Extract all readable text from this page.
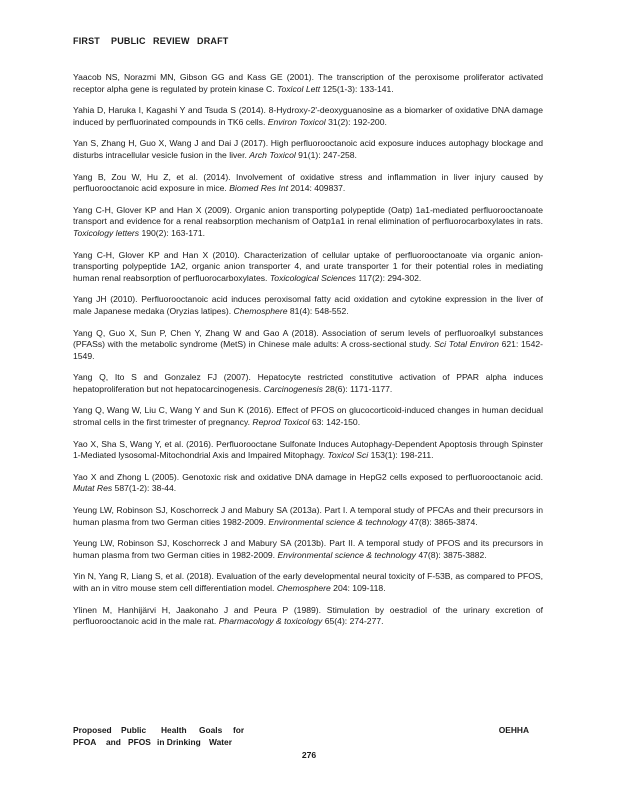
FIRST	PUBLIC REVIEW DRAFT

Yaacob NS, Norazmi MN, Gibson GG and Kass GE (2001). The transcription of the peroxisome proliferator activated receptor alpha gene is regulated by protein kinase C. Toxicol Lett 125(1-3): 133-141.

Yahia D, Haruka I, Kagashi Y and Tsuda S (2014). 8-Hydroxy-2'-deoxyguanosine as a biomarker of oxidative DNA damage induced by perfluorinated compounds in TK6 cells. Environ Toxicol 31(2): 192-200.

Yan S, Zhang H, Guo X, Wang J and Dai J (2017). High perfluorooctanoic acid exposure induces autophagy blockage and disturbs intracellular vesicle fusion in the liver. Arch Toxicol 91(1): 247-258.

Yang B, Zou W, Hu Z, et al. (2014). Involvement of oxidative stress and inflammation in liver injury caused by perfluorooctanoic acid exposure in mice. Biomed Res Int 2014: 409837.

Yang C-H, Glover KP and Han X (2009). Organic anion transporting polypeptide (Oatp) 1a1-mediated perfluorooctanoate transport and evidence for a renal reabsorption mechanism of Oatp1a1 in renal elimination of perfluorocarboxylates in rats. Toxicology letters 190(2): 163-171.

Yang C-H, Glover KP and Han X (2010). Characterization of cellular uptake of perfluorooctanoate via organic anion-transporting polypeptide 1A2, organic anion transporter 4, and urate transporter 1 for their potential roles in mediating human renal reabsorption of perfluorocarboxylates. Toxicological Sciences 117(2): 294-302.

Yang JH (2010). Perfluorooctanoic acid induces peroxisomal fatty acid oxidation and cytokine expression in the liver of male Japanese medaka (Oryzias latipes). Chemosphere 81(4): 548-552.

Yang Q, Guo X, Sun P, Chen Y, Zhang W and Gao A (2018). Association of serum levels of perfluoroalkyl substances (PFASs) with the metabolic syndrome (MetS) in Chinese male adults: A cross-sectional study. Sci Total Environ 621: 1542-1549.

Yang Q, Ito S and Gonzalez FJ (2007). Hepatocyte restricted constitutive activation of PPAR alpha induces hepatoproliferation but not hepatocarcinogenesis. Carcinogenesis 28(6): 1171-1177.

Yang Q, Wang W, Liu C, Wang Y and Sun K (2016). Effect of PFOS on glucocorticoid-induced changes in human decidual stromal cells in the first trimester of pregnancy. Reprod Toxicol 63: 142-150.

Yao X, Sha S, Wang Y, et al. (2016). Perfluorooctane Sulfonate Induces Autophagy-Dependent Apoptosis through Spinster 1-Mediated lysosomal-Mitochondrial Axis and Impaired Mitophagy. Toxicol Sci 153(1): 198-211.

Yao X and Zhong L (2005). Genotoxic risk and oxidative DNA damage in HepG2 cells exposed to perfluorooctanoic acid. Mutat Res 587(1-2): 38-44.

Yeung LW, Robinson SJ, Koschorreck J and Mabury SA (2013a). Part I. A temporal study of PFCAs and their precursors in human plasma from two German cities 1982-2009. Environmental science & technology 47(8): 3865-3874.

Yeung LW, Robinson SJ, Koschorreck J and Mabury SA (2013b). Part II. A temporal study of PFOS and its precursors in human plasma from two German cities in 1982-2009. Environmental science & technology 47(8): 3875-3882.

Yin N, Yang R, Liang S, et al. (2018). Evaluation of the early developmental neural toxicity of F-53B, as compared to PFOS, with an in vitro mouse stem cell differentiation model. Chemosphere 204: 109-118.

Ylinen M, Hanhijärvi H, Jaakonaho J and Peura P (1989). Stimulation by oestradiol of the urinary excretion of perfluorooctanoic acid in the male rat. Pharmacology & toxicology 65(4): 274-277.

Proposed	Public	Health	Goals	for
PFOA	and PFOS in Drinking Water
OEHHA
276
